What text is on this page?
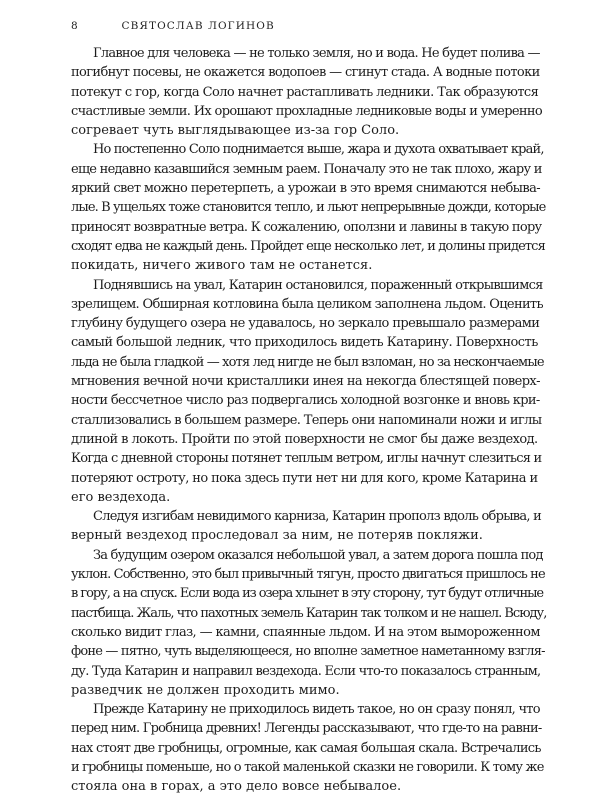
8	СВЯТОСЛАВ ЛОГИНОВ

Главное для человека — не только земля, но и вода. Не будет полива —
погибнут посевы, не окажется водопоев — сгинут стада. А водные потоки
потекут с гор, когда Соло начнет растапливать ледники. Так образуются
счастливые земли. Их орошают прохладные ледниковые воды и умеренно
согревает чуть выглядывающее из-за гор Соло.

Но постепенно Соло поднимается выше, жара и духота охватывает край,
еще недавно казавшийся земным раем. Поначалу это не так плохо, жару и
яркий свет можно перетерпеть, а урожаи в это время снимаются небыва-
лые. В ущельях тоже становится тепло, и льют непрерывные дожди, которые
приносят возвратные ветра. К сожалению, оползни и лавины в такую пору
сходят едва не каждый день. Пройдет еще несколько лет, и долины придется
покидать, ничего живого там не останется.

Поднявшись на увал, Катарин остановился, пораженный открывшимся
зрелищем. Обширная котловина была целиком заполнена льдом. Оценить
глубину будущего озера не удавалось, но зеркало превышало размерами
самый большой ледник, что приходилось видеть Катарину. Поверхность
льда не была гладкой — хотя лед нигде не был взломан, но за нескончаемые
мгновения вечной ночи кристаллики инея на некогда блестящей поверх-
ности бессчетное число раз подвергались холодной возгонке и вновь кри-
сталлизовались в большем размере. Теперь они напоминали ножи и иглы
длиной в локоть. Пройти по этой поверхности не смог бы даже вездеход.
Когда с дневной стороны потянет теплым ветром, иглы начнут слезиться и
потеряют остроту, но пока здесь пути нет ни для кого, кроме Катарина и
его вездехода.

Следуя изгибам невидимого карниза, Катарин прополз вдоль обрыва, и
верный вездеход проследовал за ним, не потеряв покляжи.

За будущим озером оказался небольшой увал, а затем дорога пошла под
уклон. Собственно, это был привычный тягун, просто двигаться пришлось не
в гору, а на спуск. Если вода из озера хлынет в эту сторону, тут будут отличные
пастбища. Жаль, что пахотных земель Катарин так толком и не нашел. Всюду,
сколько видит глаз, — камни, спаянные льдом. И на этом вымороженном
фоне — пятно, чуть выделяющееся, но вполне заметное наметанному взгля-
ду. Туда Катарин и направил вездехода. Если что-то показалось странным,
разведчик не должен проходить мимо.

Прежде Катарину не приходилось видеть такое, но он сразу понял, что
перед ним. Гробница древних! Легенды рассказывают, что где-то на равни-
нах стоят две гробницы, огромные, как самая большая скала. Встречались
и гробницы поменьше, но о такой маленькой сказки не говорили. К тому же
стояла она в горах, а это дело вовсе небывалое.
